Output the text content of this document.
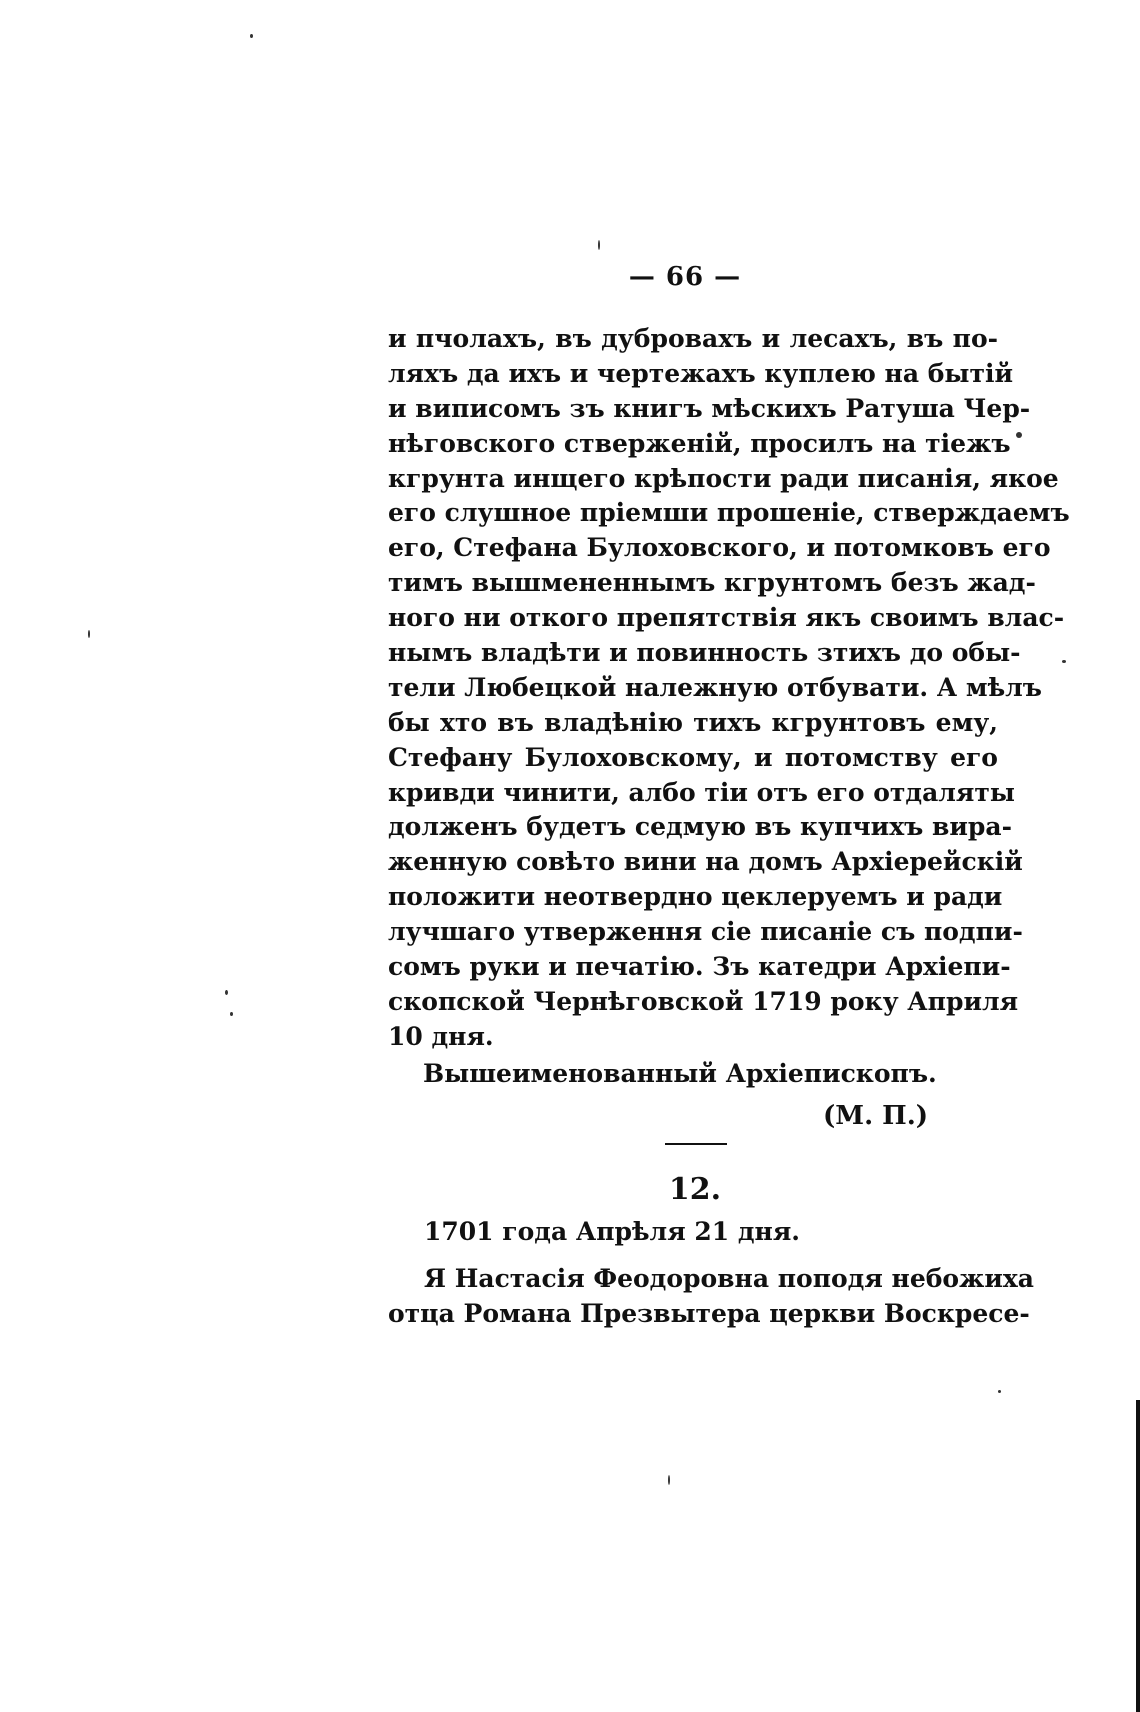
— 66 —
и пчолахъ, въ дубровахъ и лесахъ, въ по-
ляхъ да ихъ и чертежахъ куплею на бытій
и виписомъ зъ книгъ мѣскихъ Ратуша Чер-
нѣговского стверженій, просилъ на тіежъ
кгрунта инщего крѣпости ради писанія, якое
его слушное пріемши прошеніе, стверждаемъ
его, Стефана Булоховского, и потомковъ его
тимъ вышмененнымъ кгрунтомъ безъ жад-
ного ни откого препятствія якъ своимъ влас-
нымъ владѣти и повинность зтихъ до обы-
тели Любецкой належную отбувати. А мѣлъ
бы хто въ владѣнію тихъ кгрунтовъ ему,
Стефану Булоховскому, и потомству его
кривди чинити, албо тіи отъ его отдаляты
долженъ будетъ седмую въ купчихъ вира-
женную совѣто вини на домъ Архіерейскій
положити неотвердно цеклеруемъ и ради
лучшаго утверження сіе писаніе съ подпи-
сомъ руки и печатію. Зъ катедри Архіепи-
скопской Чернѣговской 1719 року Априля
10 дня.
Вышеименованный Архіепископъ.
(М. П.)
12.
1701 года Апрѣля 21 дня.
Я Настасія Феодоровна поподя небожиха
отца Романа Презвытера церкви Воскресе-
